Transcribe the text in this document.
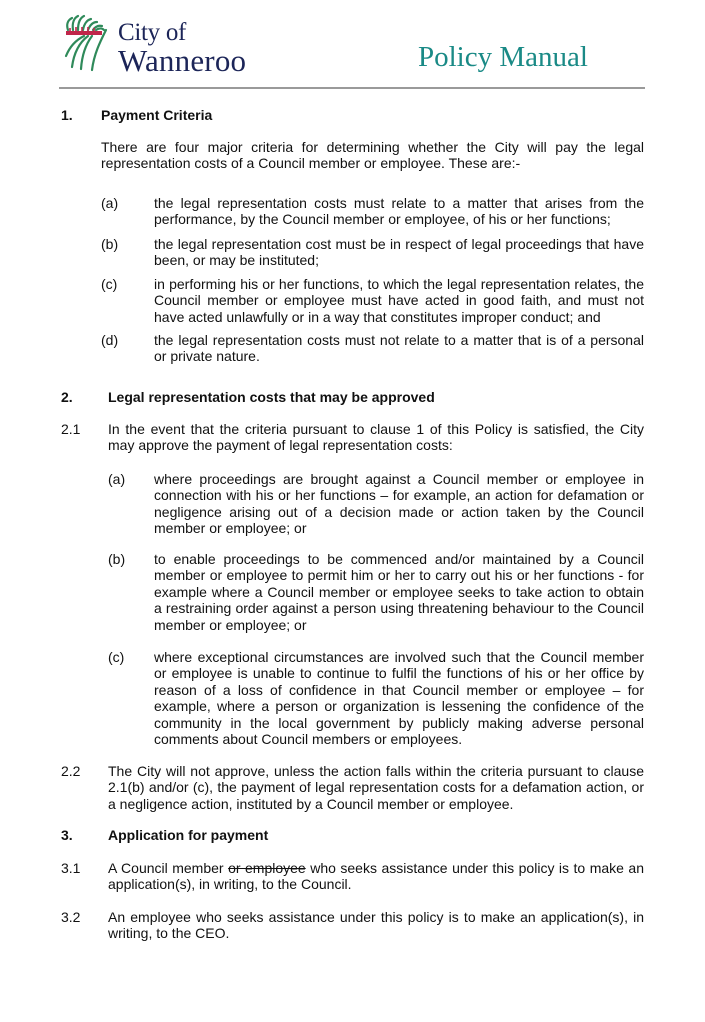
City of
Wanneroo	Policy Manual
1. Payment Criteria
There are four major criteria for determining whether the City will pay the legal representation costs of a Council member or employee. These are:-
(a)	the legal representation costs must relate to a matter that arises from the performance, by the Council member or employee, of his or her functions;
(b)	the legal representation cost must be in respect of legal proceedings that have been, or may be instituted;
(c)	in performing his or her functions, to which the legal representation relates, the Council member or employee must have acted in good faith, and must not have acted unlawfully or in a way that constitutes improper conduct; and
(d)	the legal representation costs must not relate to a matter that is of a personal or private nature.
2.	Legal representation costs that may be approved
2.1 In the event that the criteria pursuant to clause 1 of this Policy is satisfied, the City may approve the payment of legal representation costs:
(a) where proceedings are brought against a Council member or employee in connection with his or her functions – for example, an action for defamation or negligence arising out of a decision made or action taken by the Council member or employee; or
(b) to enable proceedings to be commenced and/or maintained by a Council member or employee to permit him or her to carry out his or her functions - for example where a Council member or employee seeks to take action to obtain a restraining order against a person using threatening behaviour to the Council member or employee; or
(c) where exceptional circumstances are involved such that the Council member or employee is unable to continue to fulfil the functions of his or her office by reason of a loss of confidence in that Council member or employee – for example, where a person or organization is lessening the confidence of the community in the local government by publicly making adverse personal comments about Council members or employees.
2.2 The City will not approve, unless the action falls within the criteria pursuant to clause 2.1(b) and/or (c), the payment of legal representation costs for a defamation action, or a negligence action, instituted by a Council member or employee.
3.	Application for payment
3.1 A Council member or employee who seeks assistance under this policy is to make an application(s), in writing, to the Council.
3.2 An employee who seeks assistance under this policy is to make an application(s), in writing, to the CEO.
